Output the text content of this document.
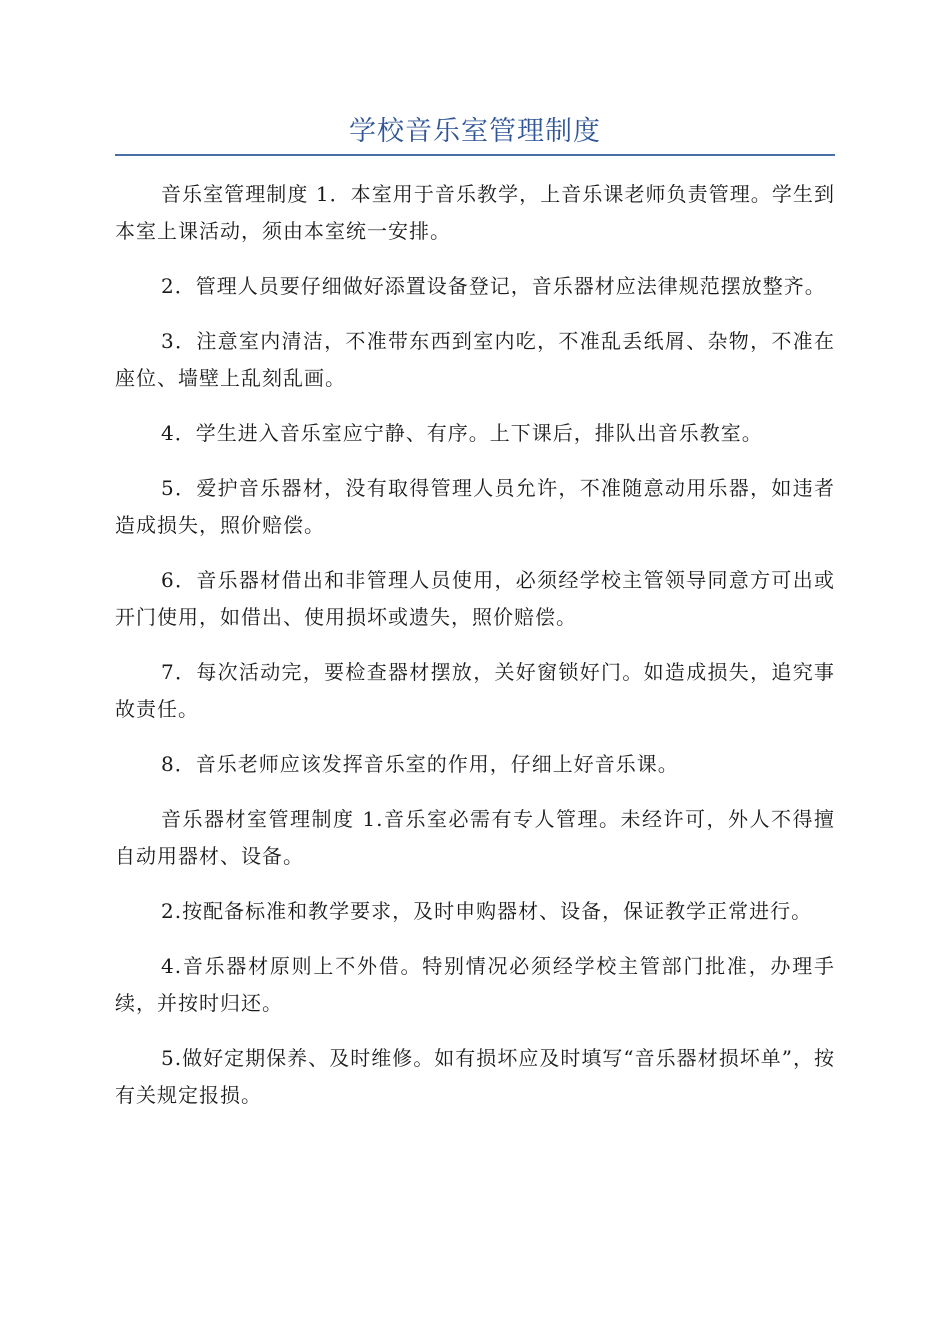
学校音乐室管理制度

音乐室管理制度 1．本室用于音乐教学，上音乐课老师负责管理。学生到本室上课活动，须由本室统一安排。

2．管理人员要仔细做好添置设备登记，音乐器材应法律规范摆放整齐。

3．注意室内清洁，不准带东西到室内吃，不准乱丢纸屑、杂物，不准在座位、墙壁上乱刻乱画。

4．学生进入音乐室应宁静、有序。上下课后，排队出音乐教室。

5．爱护音乐器材，没有取得管理人员允许，不准随意动用乐器，如违者造成损失，照价赔偿。

6．音乐器材借出和非管理人员使用，必须经学校主管领导同意方可出或开门使用，如借出、使用损坏或遗失，照价赔偿。

7．每次活动完，要检查器材摆放，关好窗锁好门。如造成损失，追究事故责任。

8．音乐老师应该发挥音乐室的作用，仔细上好音乐课。

音乐器材室管理制度 1.音乐室必需有专人管理。未经许可，外人不得擅自动用器材、设备。

2.按配备标准和教学要求，及时申购器材、设备，保证教学正常进行。

4.音乐器材原则上不外借。特别情况必须经学校主管部门批准，办理手续，并按时归还。

5.做好定期保养、及时维修。如有损坏应及时填写“音乐器材损坏单”，按有关规定报损。
